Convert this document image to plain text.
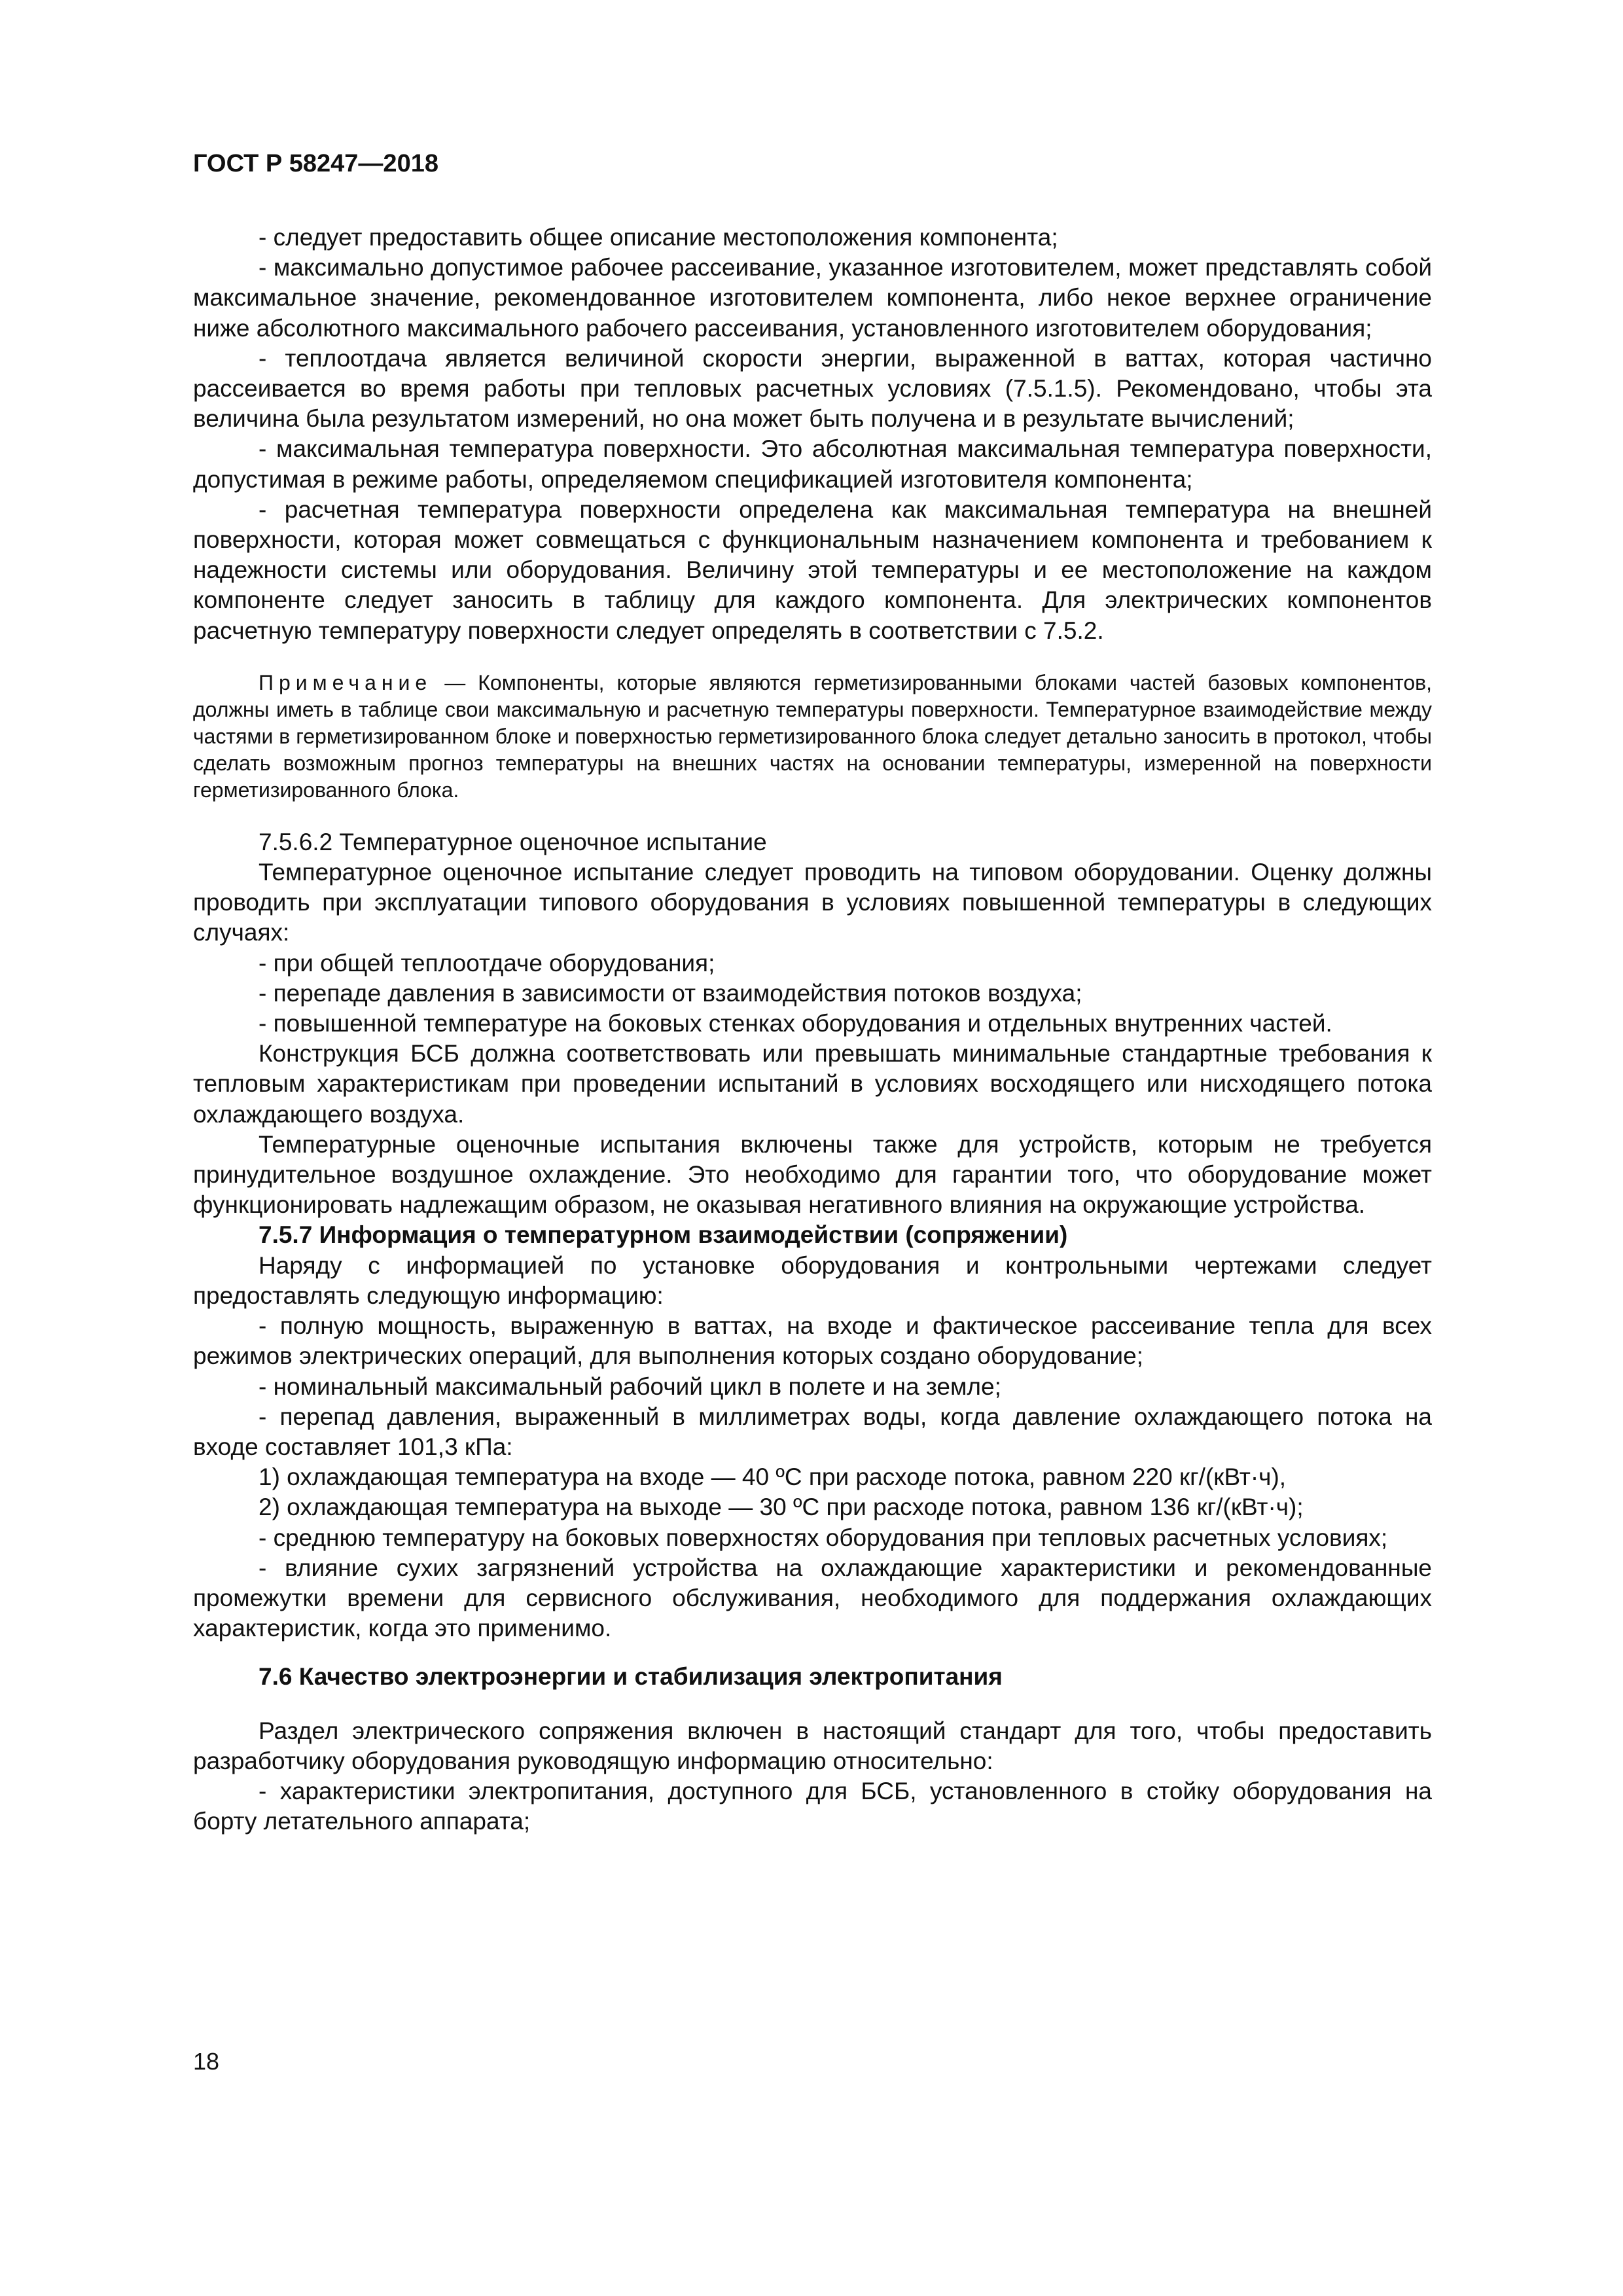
ГОСТ Р 58247—2018

- следует предоставить общее описание местоположения компонента;

- максимально допустимое рабочее рассеивание, указанное изготовителем, может представлять собой максимальное значение, рекомендованное изготовителем компонента, либо некое верхнее ограничение ниже абсолютного максимального рабочего рассеивания, установленного изготовителем оборудования;

- теплоотдача является величиной скорости энергии, выраженной в ваттах, которая частично рассеивается во время работы при тепловых расчетных условиях (7.5.1.5). Рекомендовано, чтобы эта величина была результатом измерений, но она может быть получена и в результате вычислений;

- максимальная температура поверхности. Это абсолютная максимальная температура поверхности, допустимая в режиме работы, определяемом спецификацией изготовителя компонента;

- расчетная температура поверхности определена как максимальная температура на внешней поверхности, которая может совмещаться с функциональным назначением компонента и требованием к надежности системы или оборудования. Величину этой температуры и ее местоположение на каждом компоненте следует заносить в таблицу для каждого компонента. Для электрических компонентов расчетную температуру поверхности следует определять в соответствии с 7.5.2.

Примечание — Компоненты, которые являются герметизированными блоками частей базовых компонентов, должны иметь в таблице свои максимальную и расчетную температуры поверхности. Температурное взаимодействие между частями в герметизированном блоке и поверхностью герметизированного блока следует детально заносить в протокол, чтобы сделать возможным прогноз температуры на внешних частях на основании температуры, измеренной на поверхности герметизированного блока.

7.5.6.2 Температурное оценочное испытание

Температурное оценочное испытание следует проводить на типовом оборудовании. Оценку должны проводить при эксплуатации типового оборудования в условиях повышенной температуры в следующих случаях:

- при общей теплоотдаче оборудования;

- перепаде давления в зависимости от взаимодействия потоков воздуха;

- повышенной температуре на боковых стенках оборудования и отдельных внутренних частей.

Конструкция БСБ должна соответствовать или превышать минимальные стандартные требования к тепловым характеристикам при проведении испытаний в условиях восходящего или нисходящего потока охлаждающего воздуха.

Температурные оценочные испытания включены также для устройств, которым не требуется принудительное воздушное охлаждение. Это необходимо для гарантии того, что оборудование может функционировать надлежащим образом, не оказывая негативного влияния на окружающие устройства.

7.5.7 Информация о температурном взаимодействии (сопряжении)

Наряду с информацией по установке оборудования и контрольными чертежами следует предоставлять следующую информацию:

- полную мощность, выраженную в ваттах, на входе и фактическое рассеивание тепла для всех режимов электрических операций, для выполнения которых создано оборудование;

- номинальный максимальный рабочий цикл в полете и на земле;

- перепад давления, выраженный в миллиметрах воды, когда давление охлаждающего потока на входе составляет 101,3 кПа:

1) охлаждающая температура на входе — 40 ºС при расходе потока, равном 220 кг/(кВт·ч),

2) охлаждающая температура на выходе — 30 ºС при расходе потока, равном 136 кг/(кВт·ч);

- среднюю температуру на боковых поверхностях оборудования при тепловых расчетных условиях;

- влияние сухих загрязнений устройства на охлаждающие характеристики и рекомендованные промежутки времени для сервисного обслуживания, необходимого для поддержания охлаждающих характеристик, когда это применимо.

7.6 Качество электроэнергии и стабилизация электропитания

Раздел электрического сопряжения включен в настоящий стандарт для того, чтобы предоставить разработчику оборудования руководящую информацию относительно:

- характеристики электропитания, доступного для БСБ, установленного в стойку оборудования на борту летательного аппарата;

18
